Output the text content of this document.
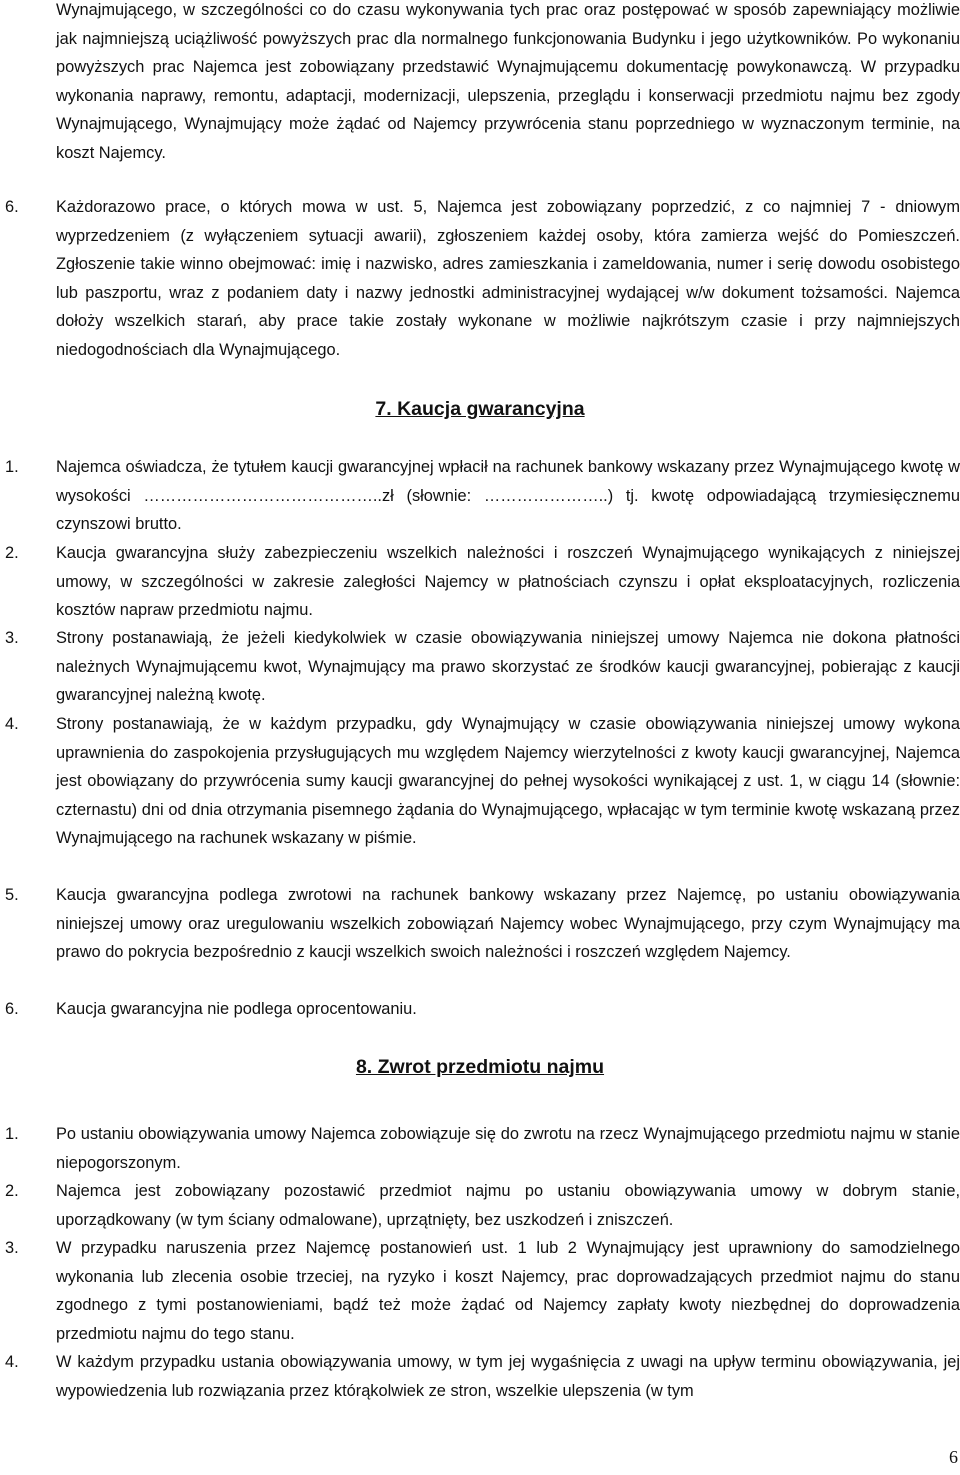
Wynajmującego, w szczególności co do czasu wykonywania tych prac oraz postępować w sposób zapewniający możliwie jak najmniejszą uciążliwość powyższych prac dla normalnego funkcjonowania Budynku i jego użytkowników. Po wykonaniu powyższych prac Najemca jest zobowiązany przedstawić Wynajmującemu dokumentację powykonawczą. W przypadku wykonania naprawy, remontu, adaptacji, modernizacji, ulepszenia, przeglądu i konserwacji przedmiotu najmu bez zgody Wynajmującego, Wynajmujący może żądać od Najemcy przywrócenia stanu poprzedniego w wyznaczonym terminie, na koszt Najemcy.

6. Każdorazowo prace, o których mowa w ust. 5, Najemca jest zobowiązany poprzedzić, z co najmniej 7 - dniowym wyprzedzeniem (z wyłączeniem sytuacji awarii), zgłoszeniem każdej osoby, która zamierza wejść do Pomieszczeń. Zgłoszenie takie winno obejmować: imię i nazwisko, adres zamieszkania i zameldowania, numer i serię dowodu osobistego lub paszportu, wraz z podaniem daty i nazwy jednostki administracyjnej wydającej w/w dokument tożsamości. Najemca dołoży wszelkich starań, aby prace takie zostały wykonane w możliwie najkrótszym czasie i przy najmniejszych niedogodnościach dla Wynajmującego.
7. Kaucja gwarancyjna
1. Najemca oświadcza, że tytułem kaucji gwarancyjnej wpłacił na rachunek bankowy wskazany przez Wynajmującego kwotę w wysokości ……………………………………..zł (słownie: …………………..) tj. kwotę odpowiadającą trzymiesięcznemu czynszowi brutto.
2. Kaucja gwarancyjna służy zabezpieczeniu wszelkich należności i roszczeń Wynajmującego wynikających z niniejszej umowy, w szczególności w zakresie zaległości Najemcy w płatnościach czynszu i opłat eksploatacyjnych, rozliczenia kosztów napraw przedmiotu najmu.
3. Strony postanawiają, że jeżeli kiedykolwiek w czasie obowiązywania niniejszej umowy Najemca nie dokona płatności należnych Wynajmującemu kwot, Wynajmujący ma prawo skorzystać ze środków kaucji gwarancyjnej, pobierając z kaucji gwarancyjnej należną kwotę.
4. Strony postanawiają, że w każdym przypadku, gdy Wynajmujący w czasie obowiązywania niniejszej umowy wykona uprawnienia do zaspokojenia przysługujących mu względem Najemcy wierzytelności z kwoty kaucji gwarancyjnej, Najemca jest obowiązany do przywrócenia sumy kaucji gwarancyjnej do pełnej wysokości wynikającej z ust. 1, w ciągu 14 (słownie: czternastu) dni od dnia otrzymania pisemnego żądania do Wynajmującego, wpłacając w tym terminie kwotę wskazaną przez Wynajmującego na rachunek wskazany w piśmie.
5. Kaucja gwarancyjna podlega zwrotowi na rachunek bankowy wskazany przez Najemcę, po ustaniu obowiązywania niniejszej umowy oraz uregulowaniu wszelkich zobowiązań Najemcy wobec Wynajmującego, przy czym Wynajmujący ma prawo do pokrycia bezpośrednio z kaucji wszelkich swoich należności i roszczeń względem Najemcy.
6. Kaucja gwarancyjna nie podlega oprocentowaniu.
8. Zwrot przedmiotu najmu
1. Po ustaniu obowiązywania umowy Najemca zobowiązuje się do zwrotu na rzecz Wynajmującego przedmiotu najmu w stanie niepogorszonym.
2. Najemca jest zobowiązany pozostawić przedmiot najmu po ustaniu obowiązywania umowy w dobrym stanie, uporządkowany (w tym ściany odmalowane), uprzątnięty, bez uszkodzeń i zniszczeń.
3. W przypadku naruszenia przez Najemcę postanowień ust. 1 lub 2 Wynajmujący jest uprawniony do samodzielnego wykonania lub zlecenia osobie trzeciej, na ryzyko i koszt Najemcy, prac doprowadzających przedmiot najmu do stanu zgodnego z tymi postanowieniami, bądź też może żądać od Najemcy zapłaty kwoty niezbędnej do doprowadzenia przedmiotu najmu do tego stanu.
4. W każdym przypadku ustania obowiązywania umowy, w tym jej wygaśnięcia z uwagi na upływ terminu obowiązywania, jej wypowiedzenia lub rozwiązania przez którąkolwiek ze stron, wszelkie ulepszenia (w tym
6
